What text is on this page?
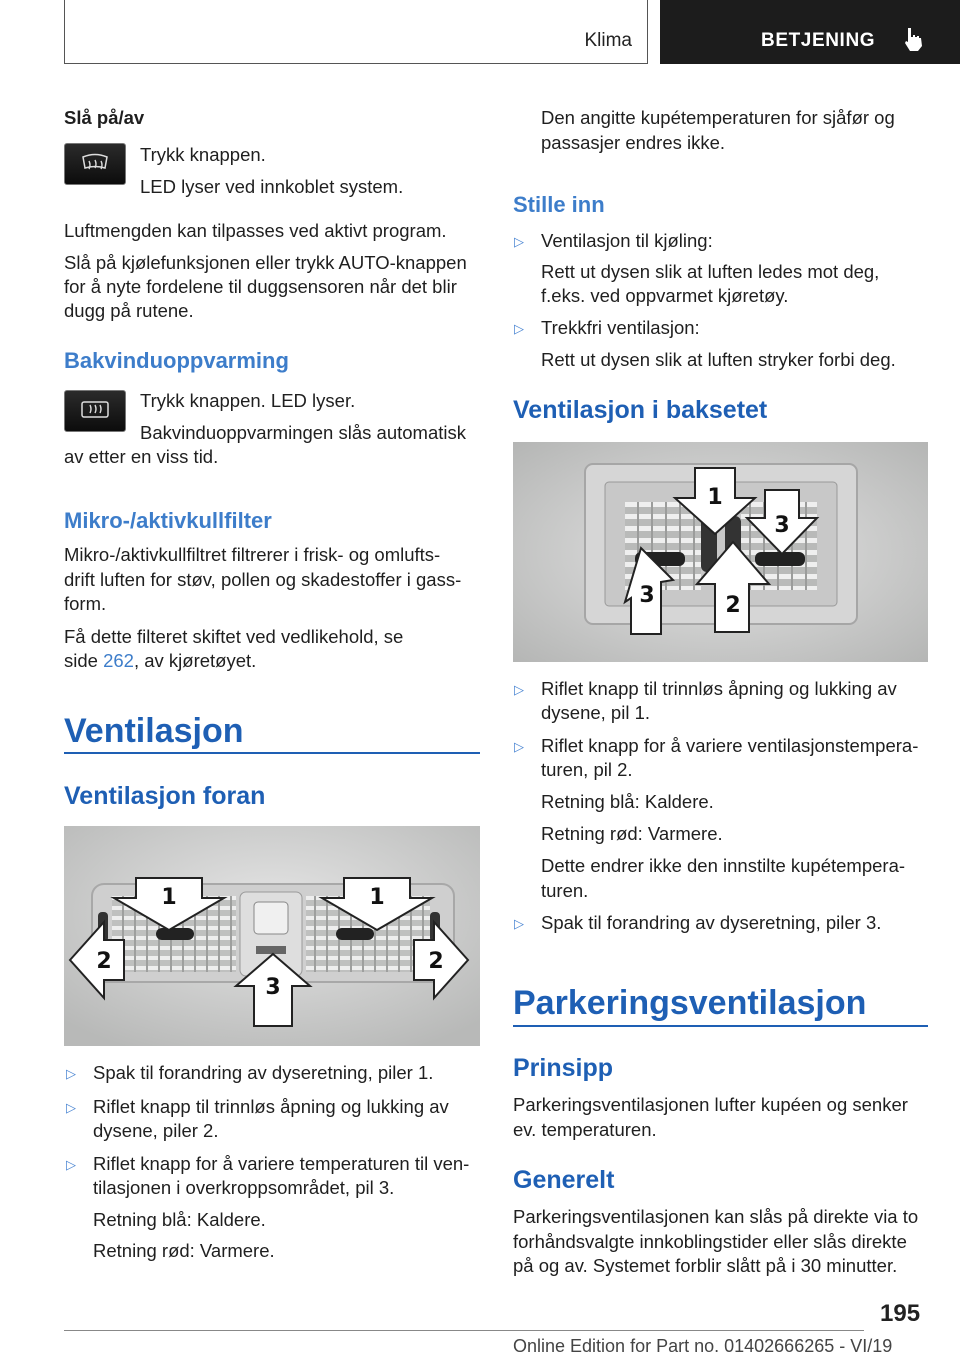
Klima	BETJENING
Slå på/av
Trykk knappen.
LED lyser ved innkoblet system.
Luftmengden kan tilpasses ved aktivt program.
Slå på kjølefunksjonen eller trykk AUTO-knappen
for å nyte fordelene til duggsensoren når det blir
dugg på rutene.
Bakvinduoppvarming
Trykk knappen. LED lyser.
Bakvinduoppvarmingen slås automatisk
av etter en viss tid.
Mikro-/aktivkullfilter
Mikro-/aktivkullfiltret filtrerer i frisk- og omlufts-
drift luften for støv, pollen og skadestoffer i gass-
form.
Få dette filteret skiftet ved vedlikehold, se
side 262, av kjøretøyet.
Ventilasjon
Ventilasjon foran
1	1
2	2
3
▷ Spak til forandring av dyseretning, piler 1.
▷ Riflet knapp til trinnløs åpning og lukking av
dysene, piler 2.
▷ Riflet knapp for å variere temperaturen til ven-
tilasjonen i overkroppsområdet, pil 3.
Retning blå: Kaldere.
Retning rød: Varmere.
Den angitte kupétemperaturen for sjåfør og
passasjer endres ikke.
Stille inn
▷ Ventilasjon til kjøling:
Rett ut dysen slik at luften ledes mot deg,
f.eks. ved oppvarmet kjøretøy.
▷ Trekkfri ventilasjon:
Rett ut dysen slik at luften stryker forbi deg.
Ventilasjon i baksetet
1
3
3	2
▷ Riflet knapp til trinnløs åpning og lukking av
dysene, pil 1.
▷ Riflet knapp for å variere ventilasjonstempera-
turen, pil 2.
Retning blå: Kaldere.
Retning rød: Varmere.
Dette endrer ikke den innstilte kupétempera-
turen.
▷ Spak til forandring av dyseretning, piler 3.
Parkeringsventilasjon
Prinsipp
Parkeringsventilasjonen lufter kupéen og senker
ev. temperaturen.
Generelt
Parkeringsventilasjonen kan slås på direkte via to
forhåndsvalgte innkoblingstider eller slås direkte
på og av. Systemet forblir slått på i 30 minutter.
195
Online Edition for Part no. 01402666265 - VI/19
